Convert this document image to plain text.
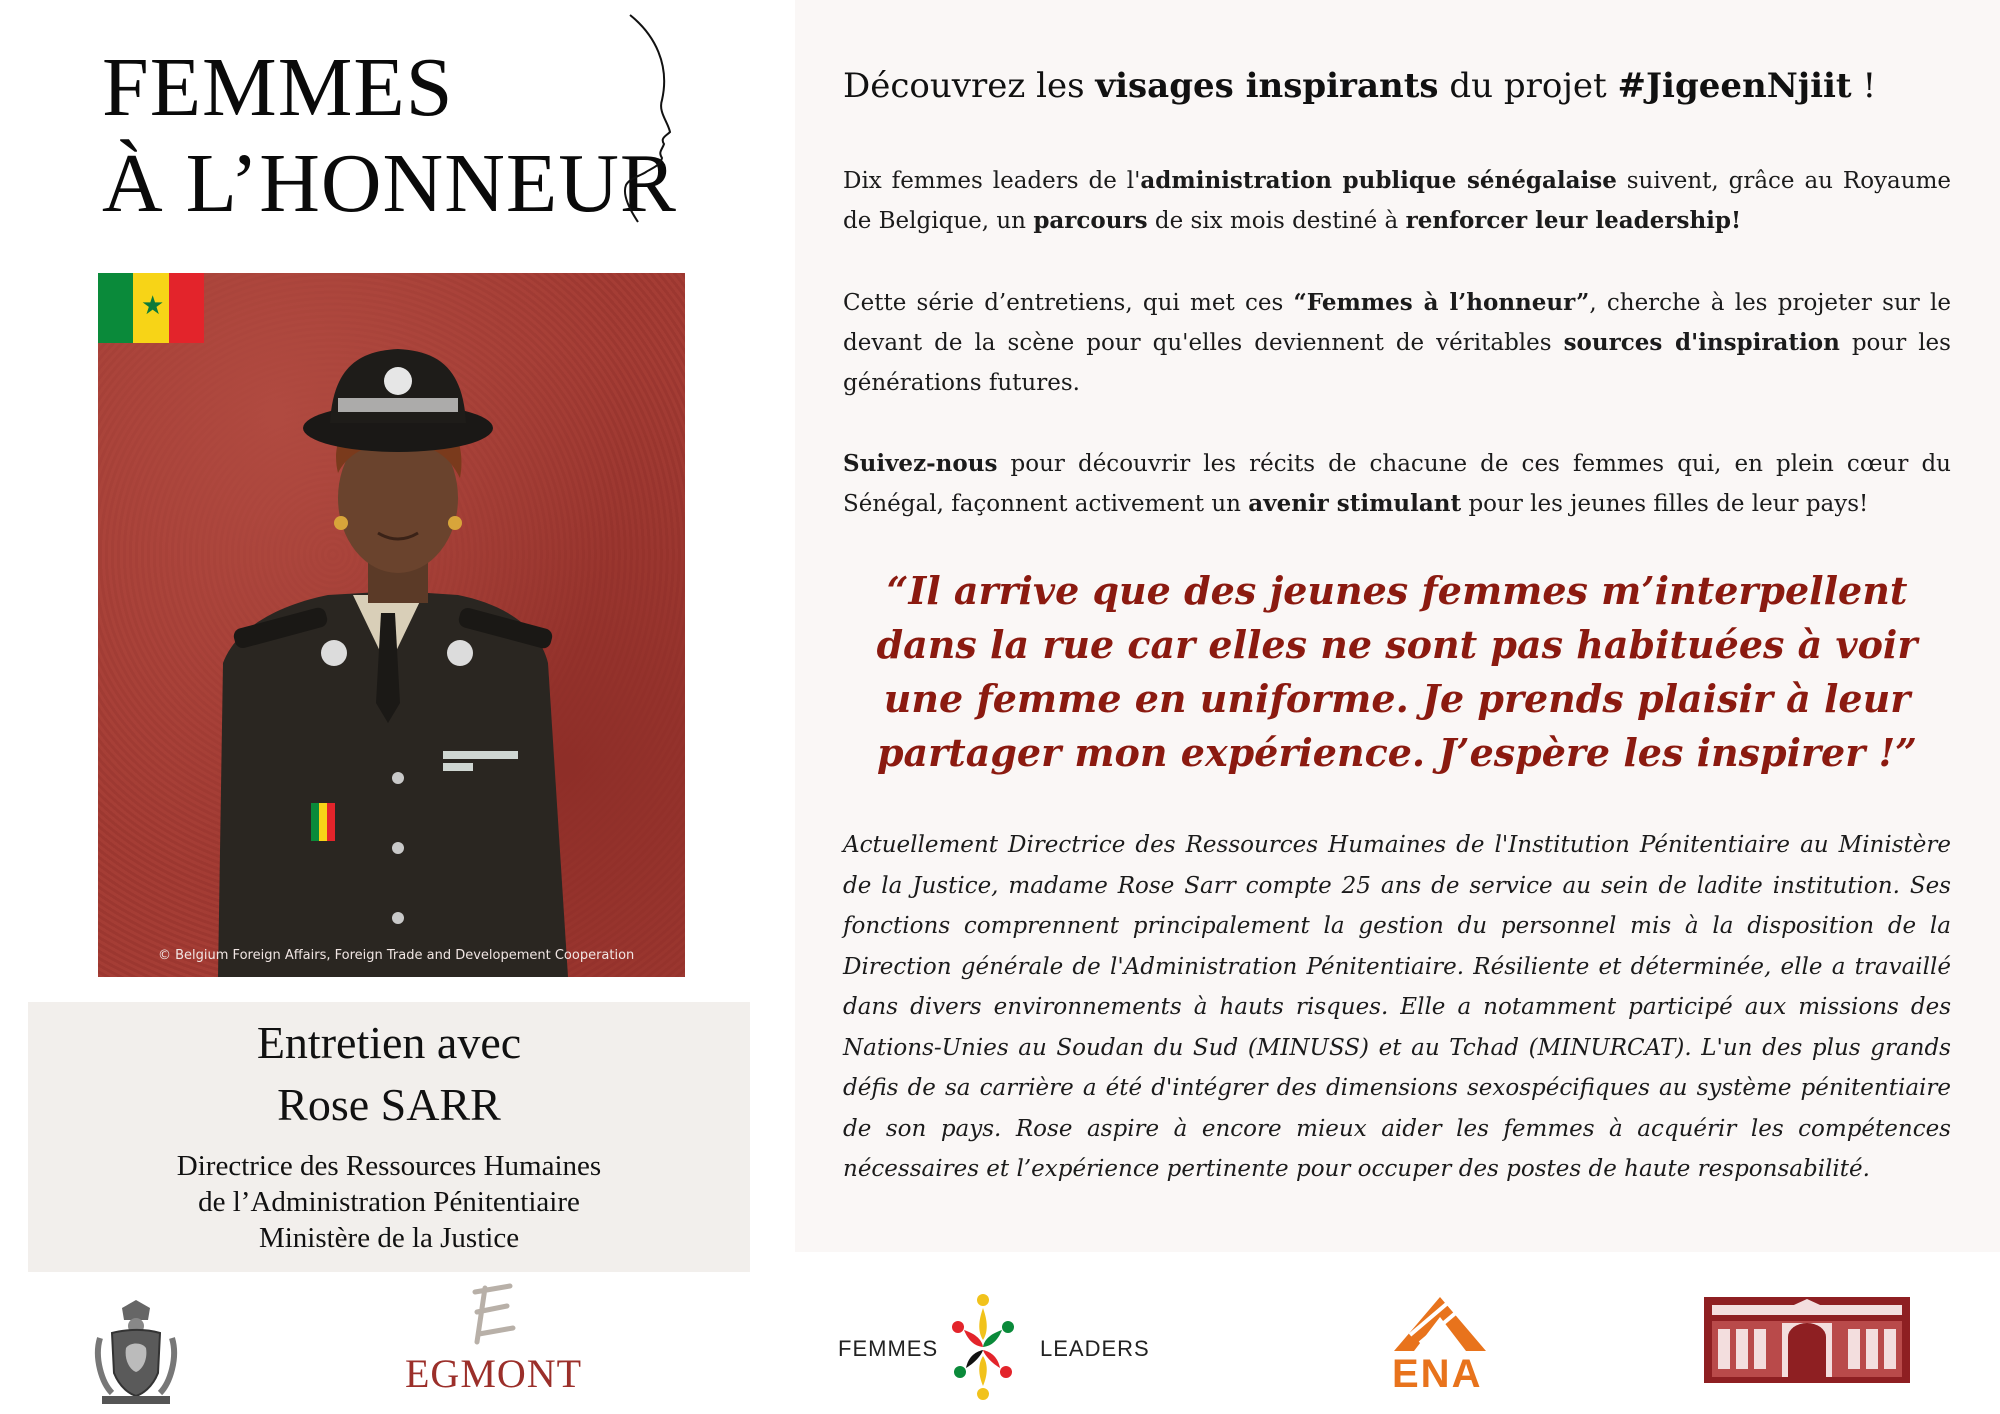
FEMMES
À L’HONNEUR
★
© Belgium Foreign Affairs, Foreign Trade and Developement Cooperation
Entretien avec
Rose SARR
Directrice des Ressources Humaines
de l’Administration Pénitentiaire
Ministère de la Justice
Découvrez les visages inspirants du projet #JigeenNjiit !

Dix femmes leaders de l'administration publique sénégalaise suivent, grâce au Royaume de Belgique, un parcours de six mois destiné à renforcer leur leadership!

Cette série d’entretiens, qui met ces “Femmes à l’honneur”, cherche à les projeter sur le devant de la scène pour qu'elles deviennent de véritables sources d'inspiration pour les générations futures.

Suivez-nous pour découvrir les récits de chacune de ces femmes qui, en plein cœur du Sénégal, façonnent activement un avenir stimulant pour les jeunes filles de leur pays!

“Il arrive que des jeunes femmes m’interpellent dans la rue car elles ne sont pas habituées à voir une femme en uniforme. Je prends plaisir à leur partager mon expérience. J’espère les inspirer !”

Actuellement Directrice des Ressources Humaines de l'Institution Pénitentiaire au Ministère de la Justice, madame Rose Sarr compte 25 ans de service au sein de ladite institution. Ses fonctions comprennent principalement la gestion du personnel mis à la disposition de la Direction générale de l'Administration Pénitentiaire. Résiliente et déterminée, elle a travaillé dans divers environnements à hauts risques. Elle a notamment participé aux missions des Nations-Unies au Soudan du Sud (MINUSS) et au Tchad (MINURCAT). L'un des plus grands défis de sa carrière a été d'intégrer des dimensions sexospécifiques au système pénitentiaire de son pays. Rose aspire à encore mieux aider les femmes à acquérir les compétences nécessaires et l’expérience pertinente pour occuper des postes de haute responsabilité.

EGMONT
FEMMES	LEADERS
ENA
